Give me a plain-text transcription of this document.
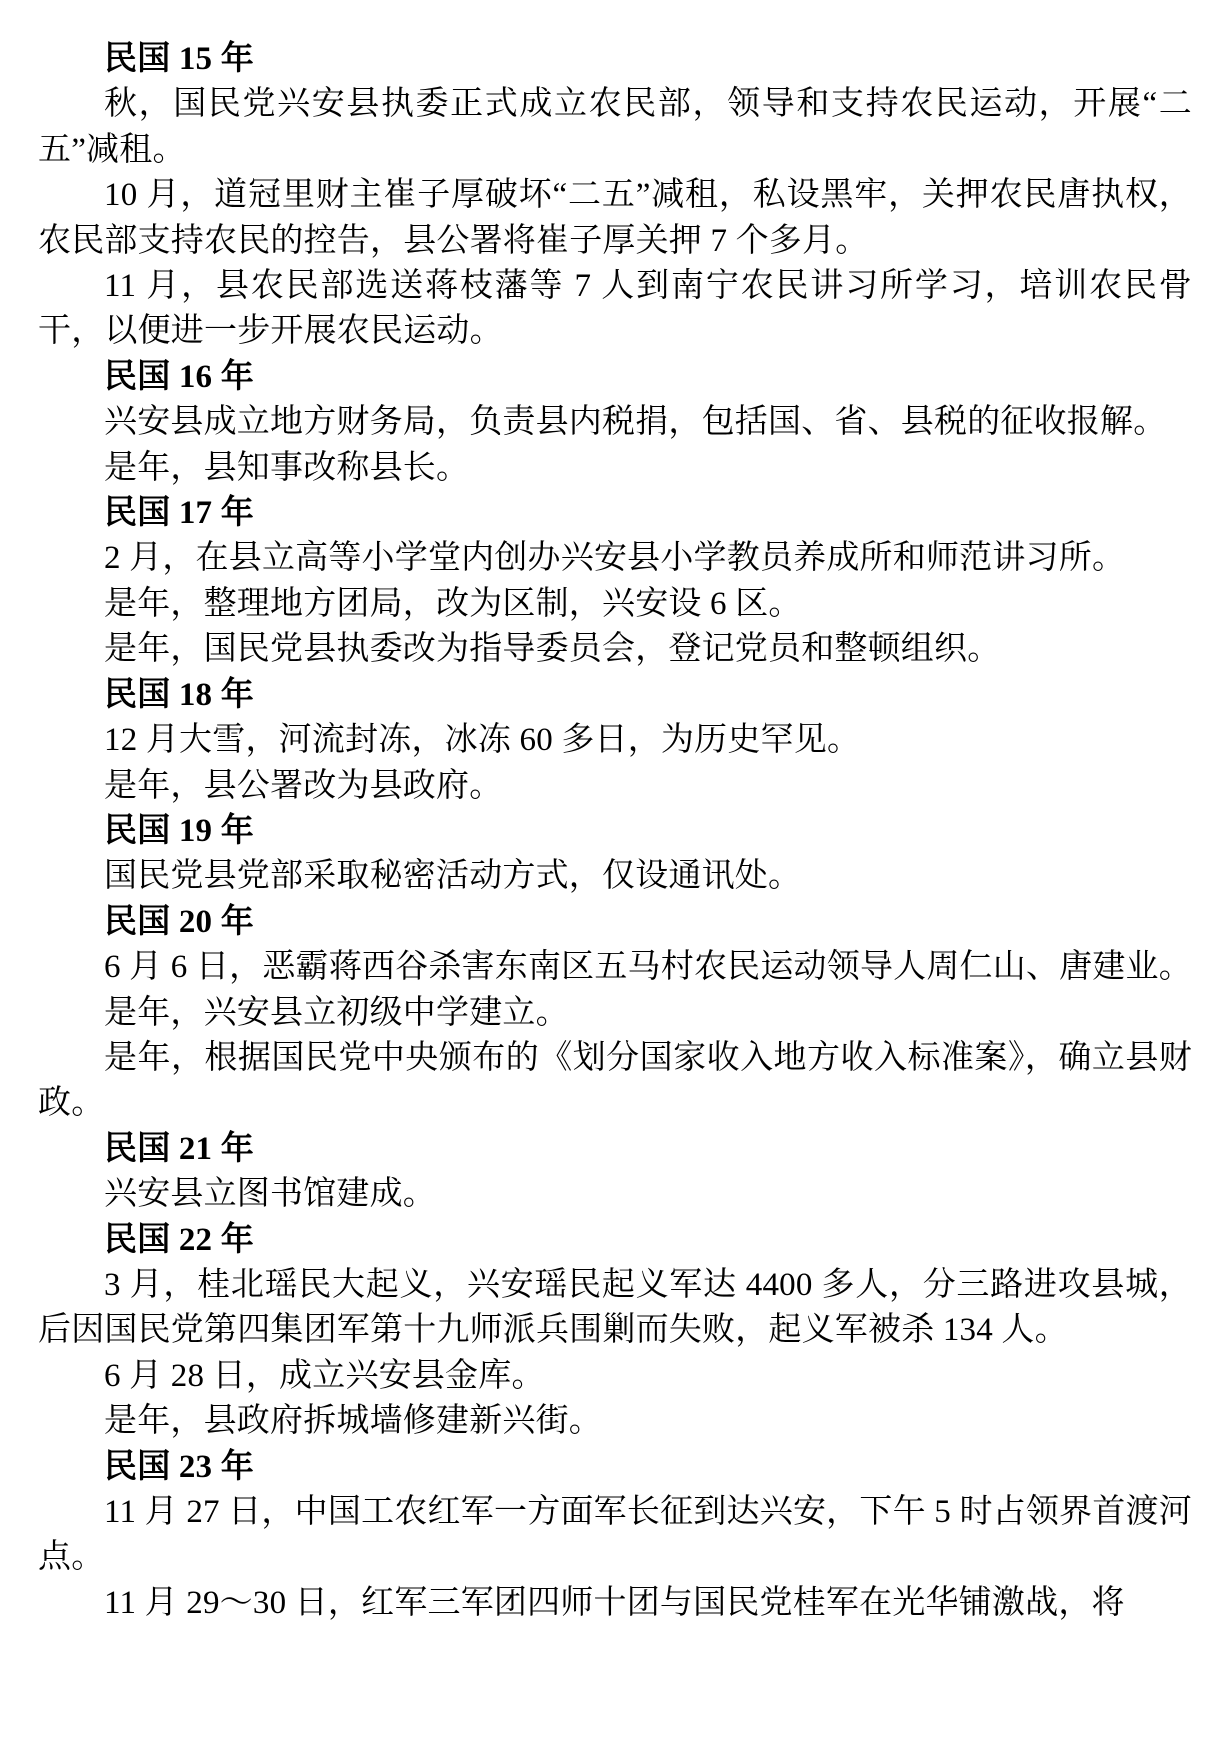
民国 15 年

秋，国民党兴安县执委正式成立农民部，领导和支持农民运动，开展“二五”减租。

10 月，道冠里财主崔子厚破坏“二五”减租，私设黑牢，关押农民唐执权，农民部支持农民的控告，县公署将崔子厚关押 7 个多月。

11 月，县农民部选送蒋枝藩等 7 人到南宁农民讲习所学习，培训农民骨干，以便进一步开展农民运动。

民国 16 年

兴安县成立地方财务局，负责县内税捐，包括国、省、县税的征收报解。

是年，县知事改称县长。

民国 17 年

2 月，在县立高等小学堂内创办兴安县小学教员养成所和师范讲习所。

是年，整理地方团局，改为区制，兴安设 6 区。

是年，国民党县执委改为指导委员会，登记党员和整顿组织。

民国 18 年

12 月大雪，河流封冻，冰冻 60 多日，为历史罕见。

是年，县公署改为县政府。

民国 19 年

国民党县党部采取秘密活动方式，仅设通讯处。

民国 20 年

6 月 6 日，恶霸蒋西谷杀害东南区五马村农民运动领导人周仁山、唐建业。

是年，兴安县立初级中学建立。

是年，根据国民党中央颁布的《划分国家收入地方收入标准案》，确立县财政。

民国 21 年

兴安县立图书馆建成。

民国 22 年

3 月，桂北瑶民大起义，兴安瑶民起义军达 4400 多人，分三路进攻县城，后因国民党第四集团军第十九师派兵围剿而失败，起义军被杀 134 人。

6 月 28 日，成立兴安县金库。

是年，县政府拆城墙修建新兴街。

民国 23 年

11 月 27 日，中国工农红军一方面军长征到达兴安，下午 5 时占领界首渡河点。

11 月 29～30 日，红军三军团四师十团与国民党桂军在光华铺激战，将
